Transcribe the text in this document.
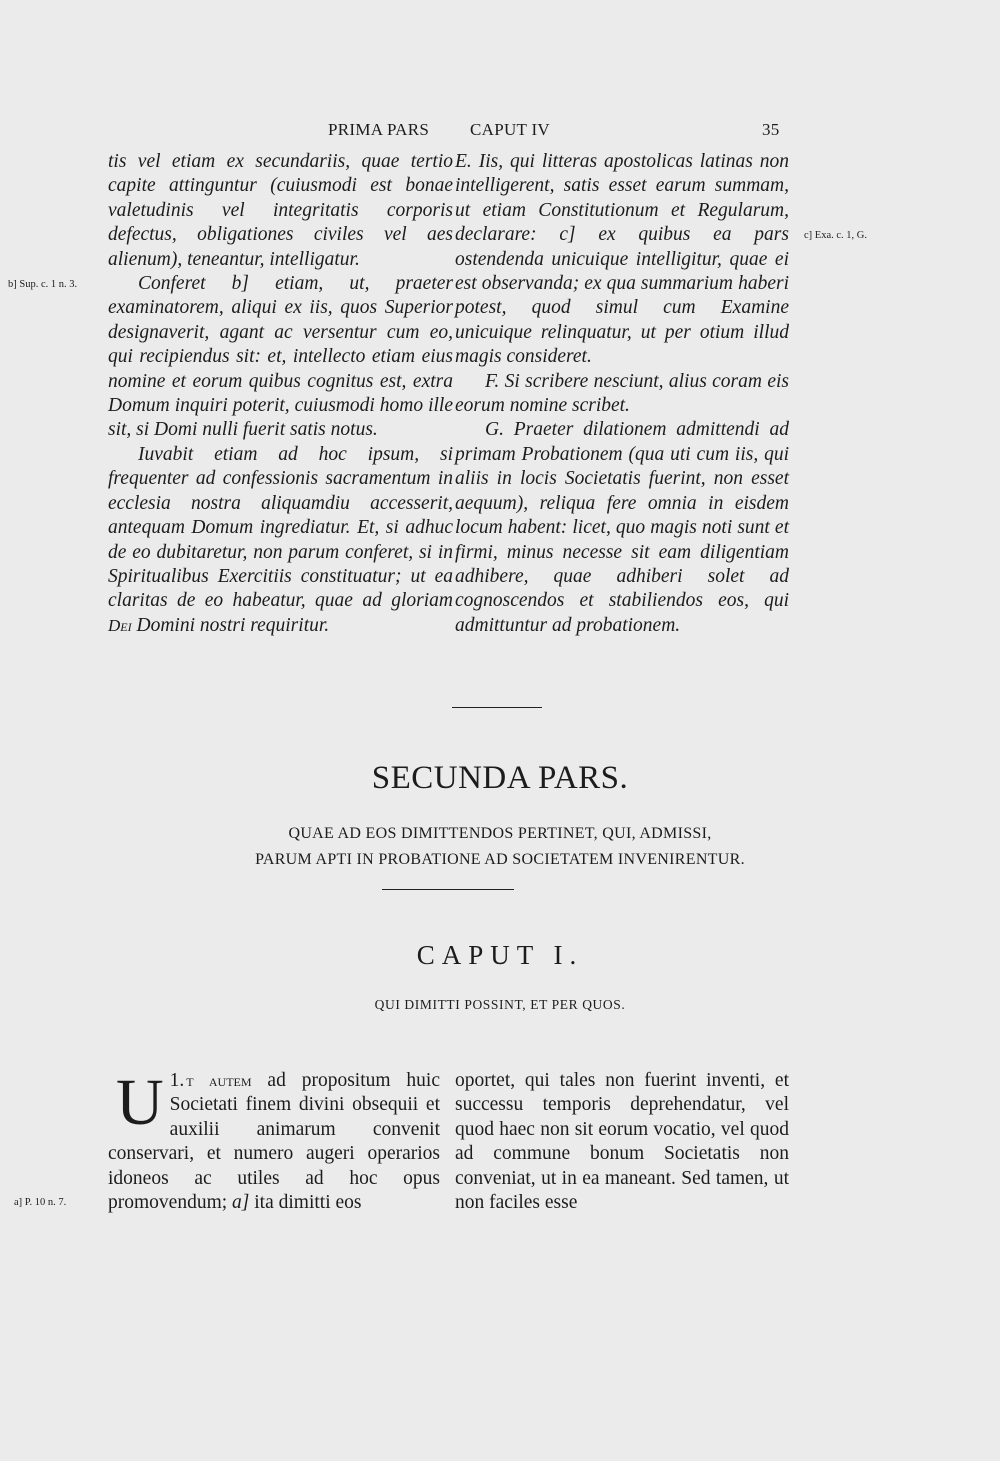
PRIMA PARS CAPUT IV	35
b] Sup. c. 1 n. 3.
c] Exa. c. 1, G.
a] P. 10 n. 7.

tis vel etiam ex secundariis, quae tertio capite attinguntur (cuiusmodi est bonae valetudinis vel integritatis corporis defectus, obligationes civiles vel aes alienum), teneantur, intelligatur.

Conferet b] etiam, ut, praeter examinatorem, aliqui ex iis, quos Superior designaverit, agant ac versentur cum eo, qui recipiendus sit: et, intellecto etiam eius nomine et eorum quibus cognitus est, extra Domum inquiri poterit, cuiusmodi homo ille sit, si Domi nulli fuerit satis notus.

Iuvabit etiam ad hoc ipsum, si frequenter ad confessionis sacramentum in ecclesia nostra aliquamdiu accesserit, antequam Domum ingrediatur. Et, si adhuc de eo dubitaretur, non parum conferet, si in Spiritualibus Exercitiis constituatur; ut ea claritas de eo habeatur, quae ad gloriam Dei Domini nostri requiritur.

E. Iis, qui litteras apostolicas latinas non intelligerent, satis esset earum summam, ut etiam Constitutionum et Regularum, declarare: c] ex quibus ea pars ostendenda unicuique intelligitur, quae ei est observanda; ex qua summarium haberi potest, quod simul cum Examine unicuique relinquatur, ut per otium illud magis consideret.

F. Si scribere nesciunt, alius coram eis eorum nomine scribet.

G. Praeter dilationem admittendi ad primam Probationem (qua uti cum iis, qui aliis in locis Societatis fuerint, non esset aequum), reliqua fere omnia in eisdem locum habent: licet, quo magis noti sunt et firmi, minus necesse sit eam diligentiam adhibere, quae adhiberi solet ad cognoscendos et stabiliendos eos, qui admittuntur ad probationem.

SECUNDA PARS.
QUAE AD EOS DIMITTENDOS PERTINET, QUI, ADMISSI,
PARUM APTI IN PROBATIONE AD SOCIETATEM INVENIRENTUR.
CAPUT I.
QUI DIMITTI POSSINT, ET PER QUOS.

U 1. t autem ad propositum huic Societati finem divini obsequii et auxilii animarum convenit conservari, et numero augeri operarios idoneos ac utiles ad hoc opus promovendum; a] ita dimitti eos

oportet, qui tales non fuerint inventi, et successu temporis deprehendatur, vel quod haec non sit eorum vocatio, vel quod ad commune bonum Societatis non conveniat, ut in ea maneant. Sed tamen, ut non faciles esse
